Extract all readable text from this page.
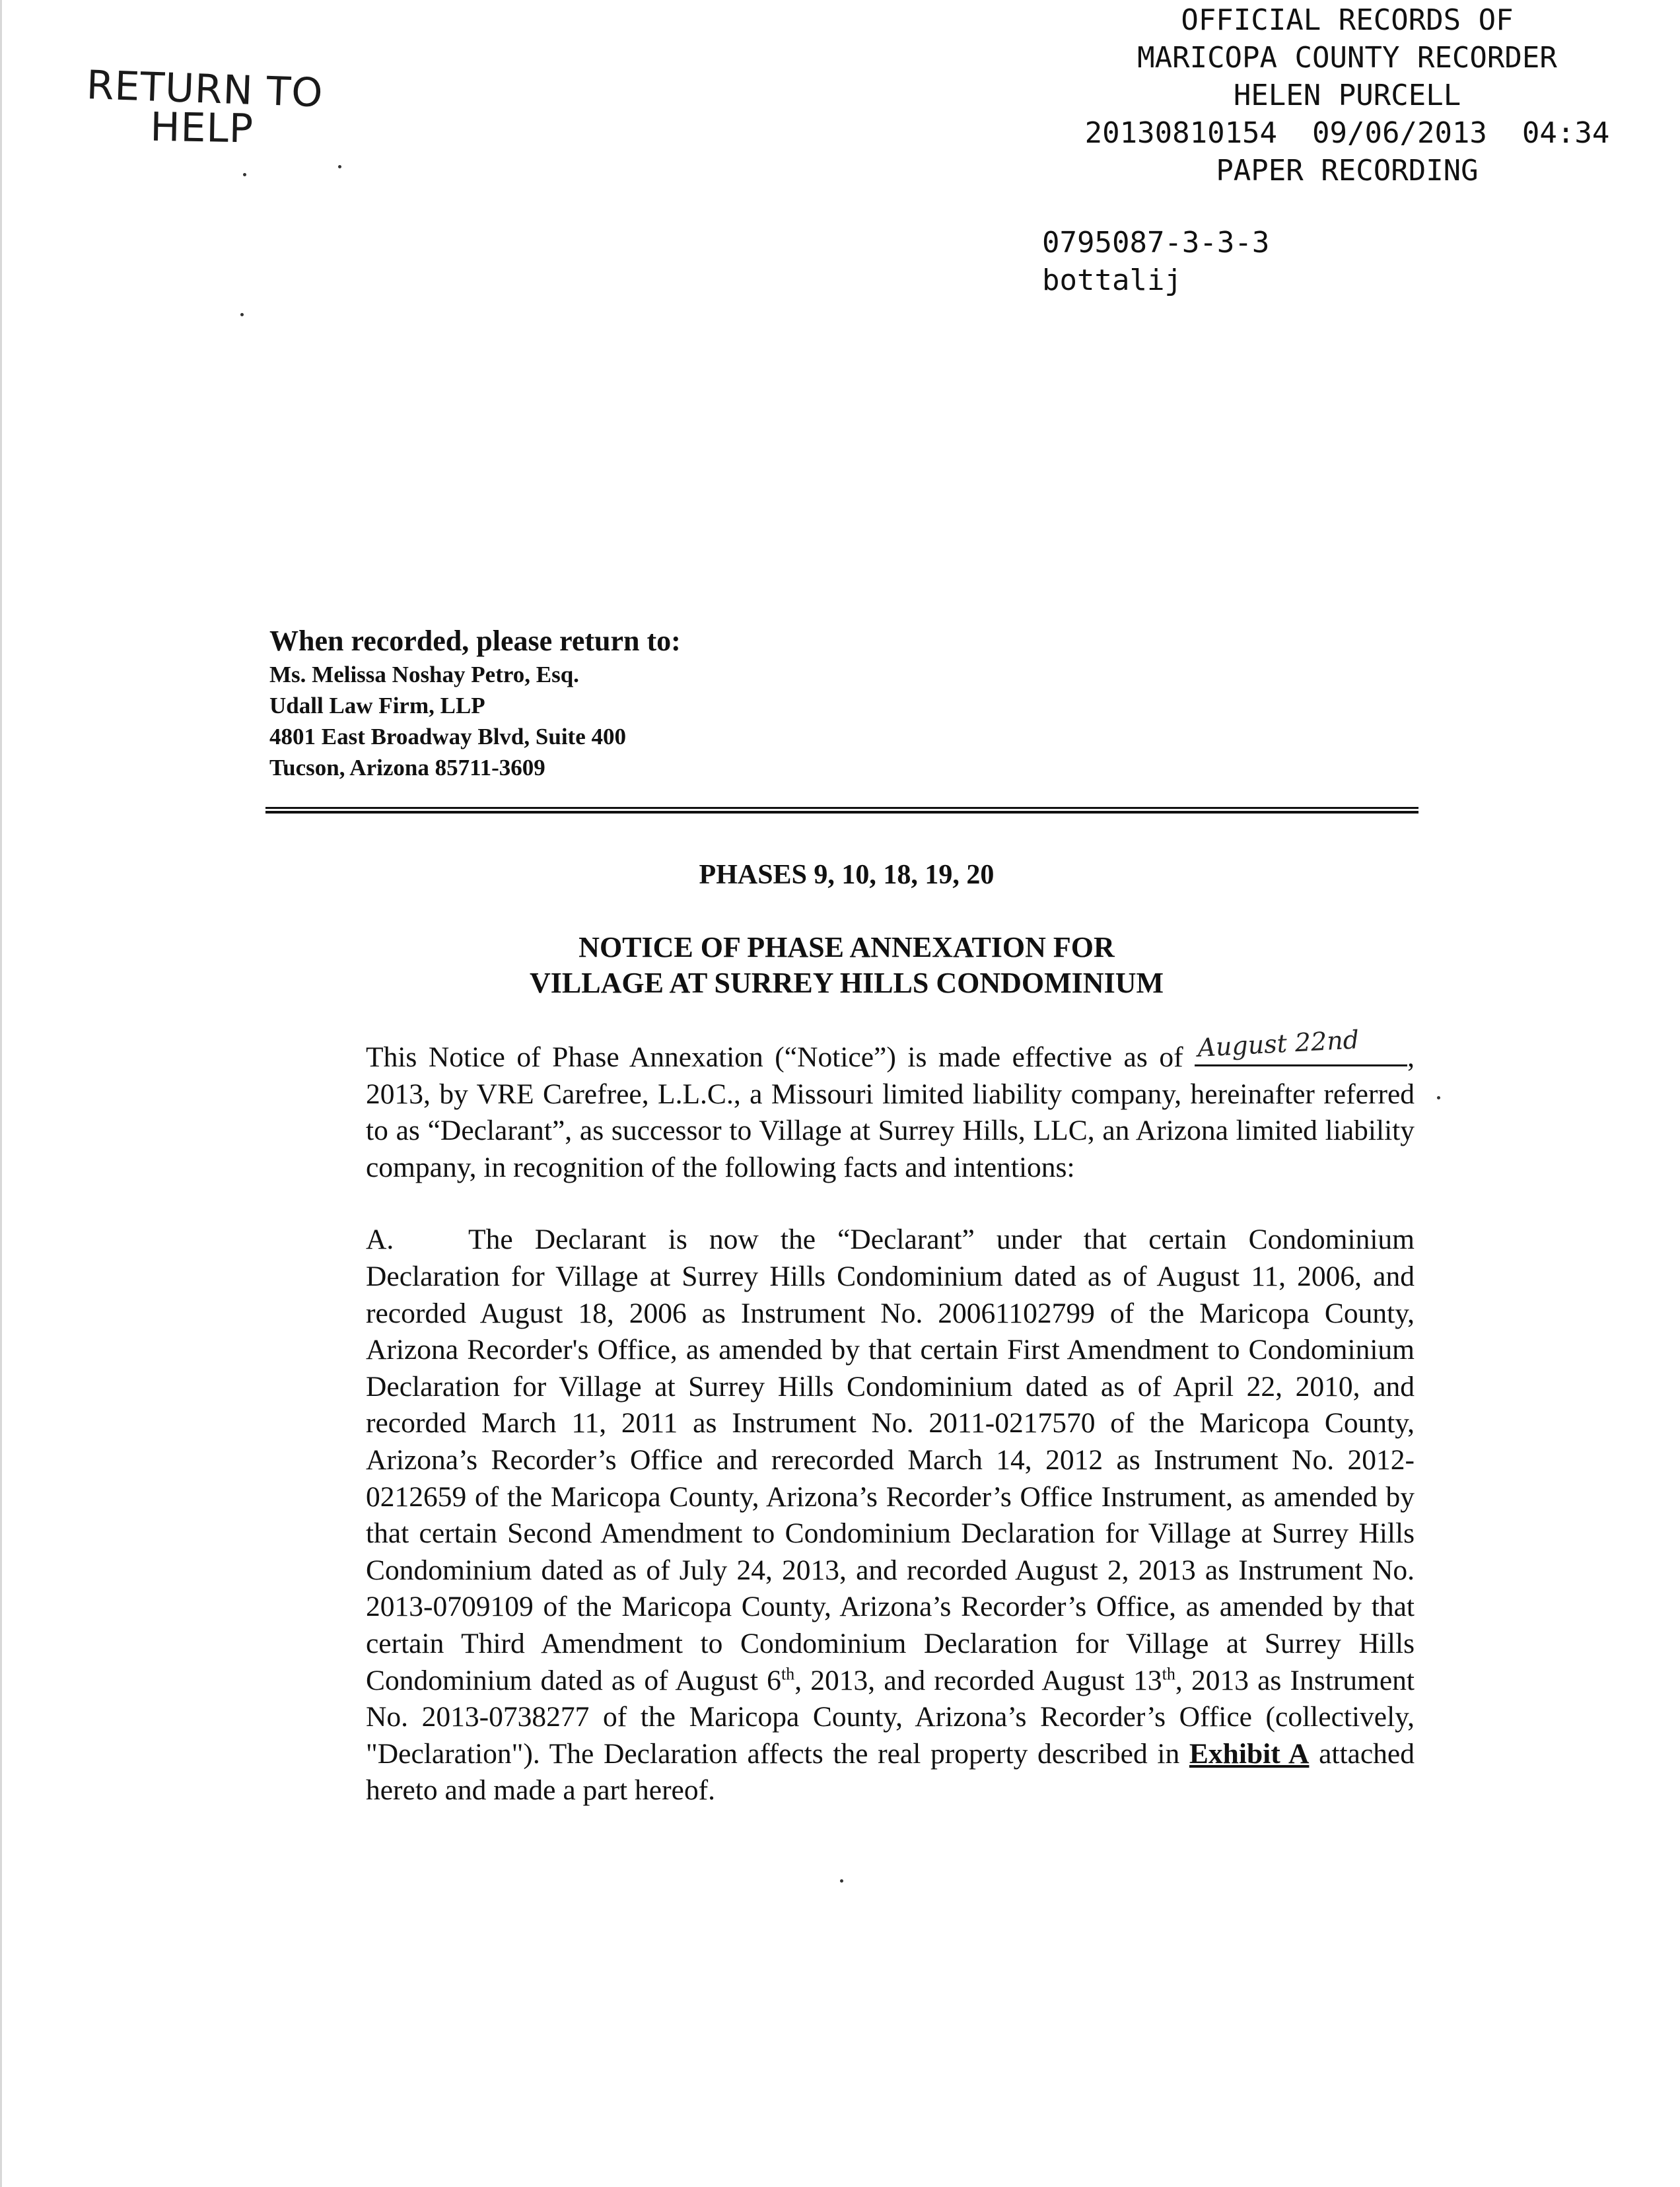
RETURN TO
HELP
OFFICIAL RECORDS OF
MARICOPA COUNTY RECORDER
HELEN PURCELL
20130810154  09/06/2013  04:34
PAPER RECORDING
0795087-3-3-3
bottalij
When recorded, please return to:
Ms. Melissa Noshay Petro, Esq.
Udall Law Firm, LLP
4801 East Broadway Blvd, Suite 400
Tucson, Arizona 85711-3609
PHASES 9, 10, 18, 19, 20
NOTICE OF PHASE ANNEXATION FOR
VILLAGE AT SURREY HILLS CONDOMINIUM

This Notice of Phase Annexation (“Notice”) is made effective as of August 22nd , 2013, by VRE Carefree, L.L.C., a Missouri limited liability company, hereinafter referred to as “Declarant”, as successor to Village at Surrey Hills, LLC, an Arizona limited liability company, in recognition of the following facts and intentions:

A.	The Declarant is now the “Declarant” under that certain Condominium Declaration for Village at Surrey Hills Condominium dated as of August 11, 2006, and recorded August 18, 2006 as Instrument No. 20061102799 of the Maricopa County, Arizona Recorder's Office, as amended by that certain First Amendment to Condominium Declaration for Village at Surrey Hills Condominium dated as of April 22, 2010, and recorded March 11, 2011 as Instrument No. 2011-0217570 of the Maricopa County, Arizona’s Recorder’s Office and rerecorded March 14, 2012 as Instrument No. 2012-0212659 of the Maricopa County, Arizona’s Recorder’s Office Instrument, as amended by that certain Second Amendment to Condominium Declaration for Village at Surrey Hills Condominium dated as of July 24, 2013, and recorded August 2, 2013 as Instrument No. 2013-0709109 of the Maricopa County, Arizona’s Recorder’s Office, as amended by that certain Third Amendment to Condominium Declaration for Village at Surrey Hills Condominium dated as of August 6th, 2013, and recorded August 13th, 2013 as Instrument No. 2013-0738277 of the Maricopa County, Arizona’s Recorder’s Office (collectively, "Declaration"). The Declaration affects the real property described in Exhibit A attached hereto and made a part hereof.
